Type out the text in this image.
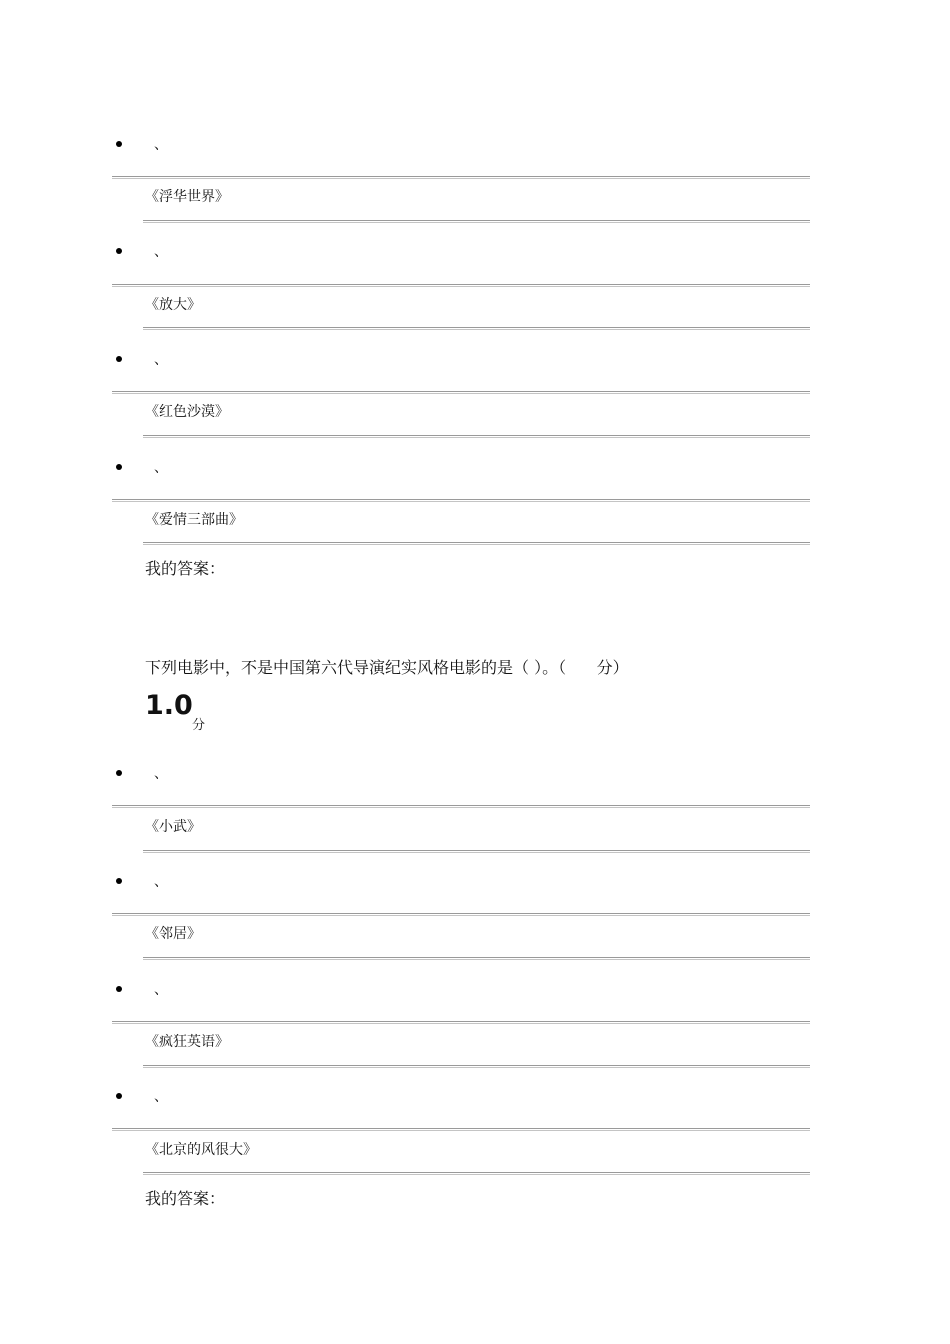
、
《浮华世界》
、
《放大》
、
《红色沙漠》
、
《爱情三部曲》
我的答案：
下列电影中，不是中国第六代导演纪实风格电影的是（ ）。（      分）
1.0
分
、
《小武》
、
《邻居》
、
《疯狂英语》
、
《北京的风很大》
我的答案：
